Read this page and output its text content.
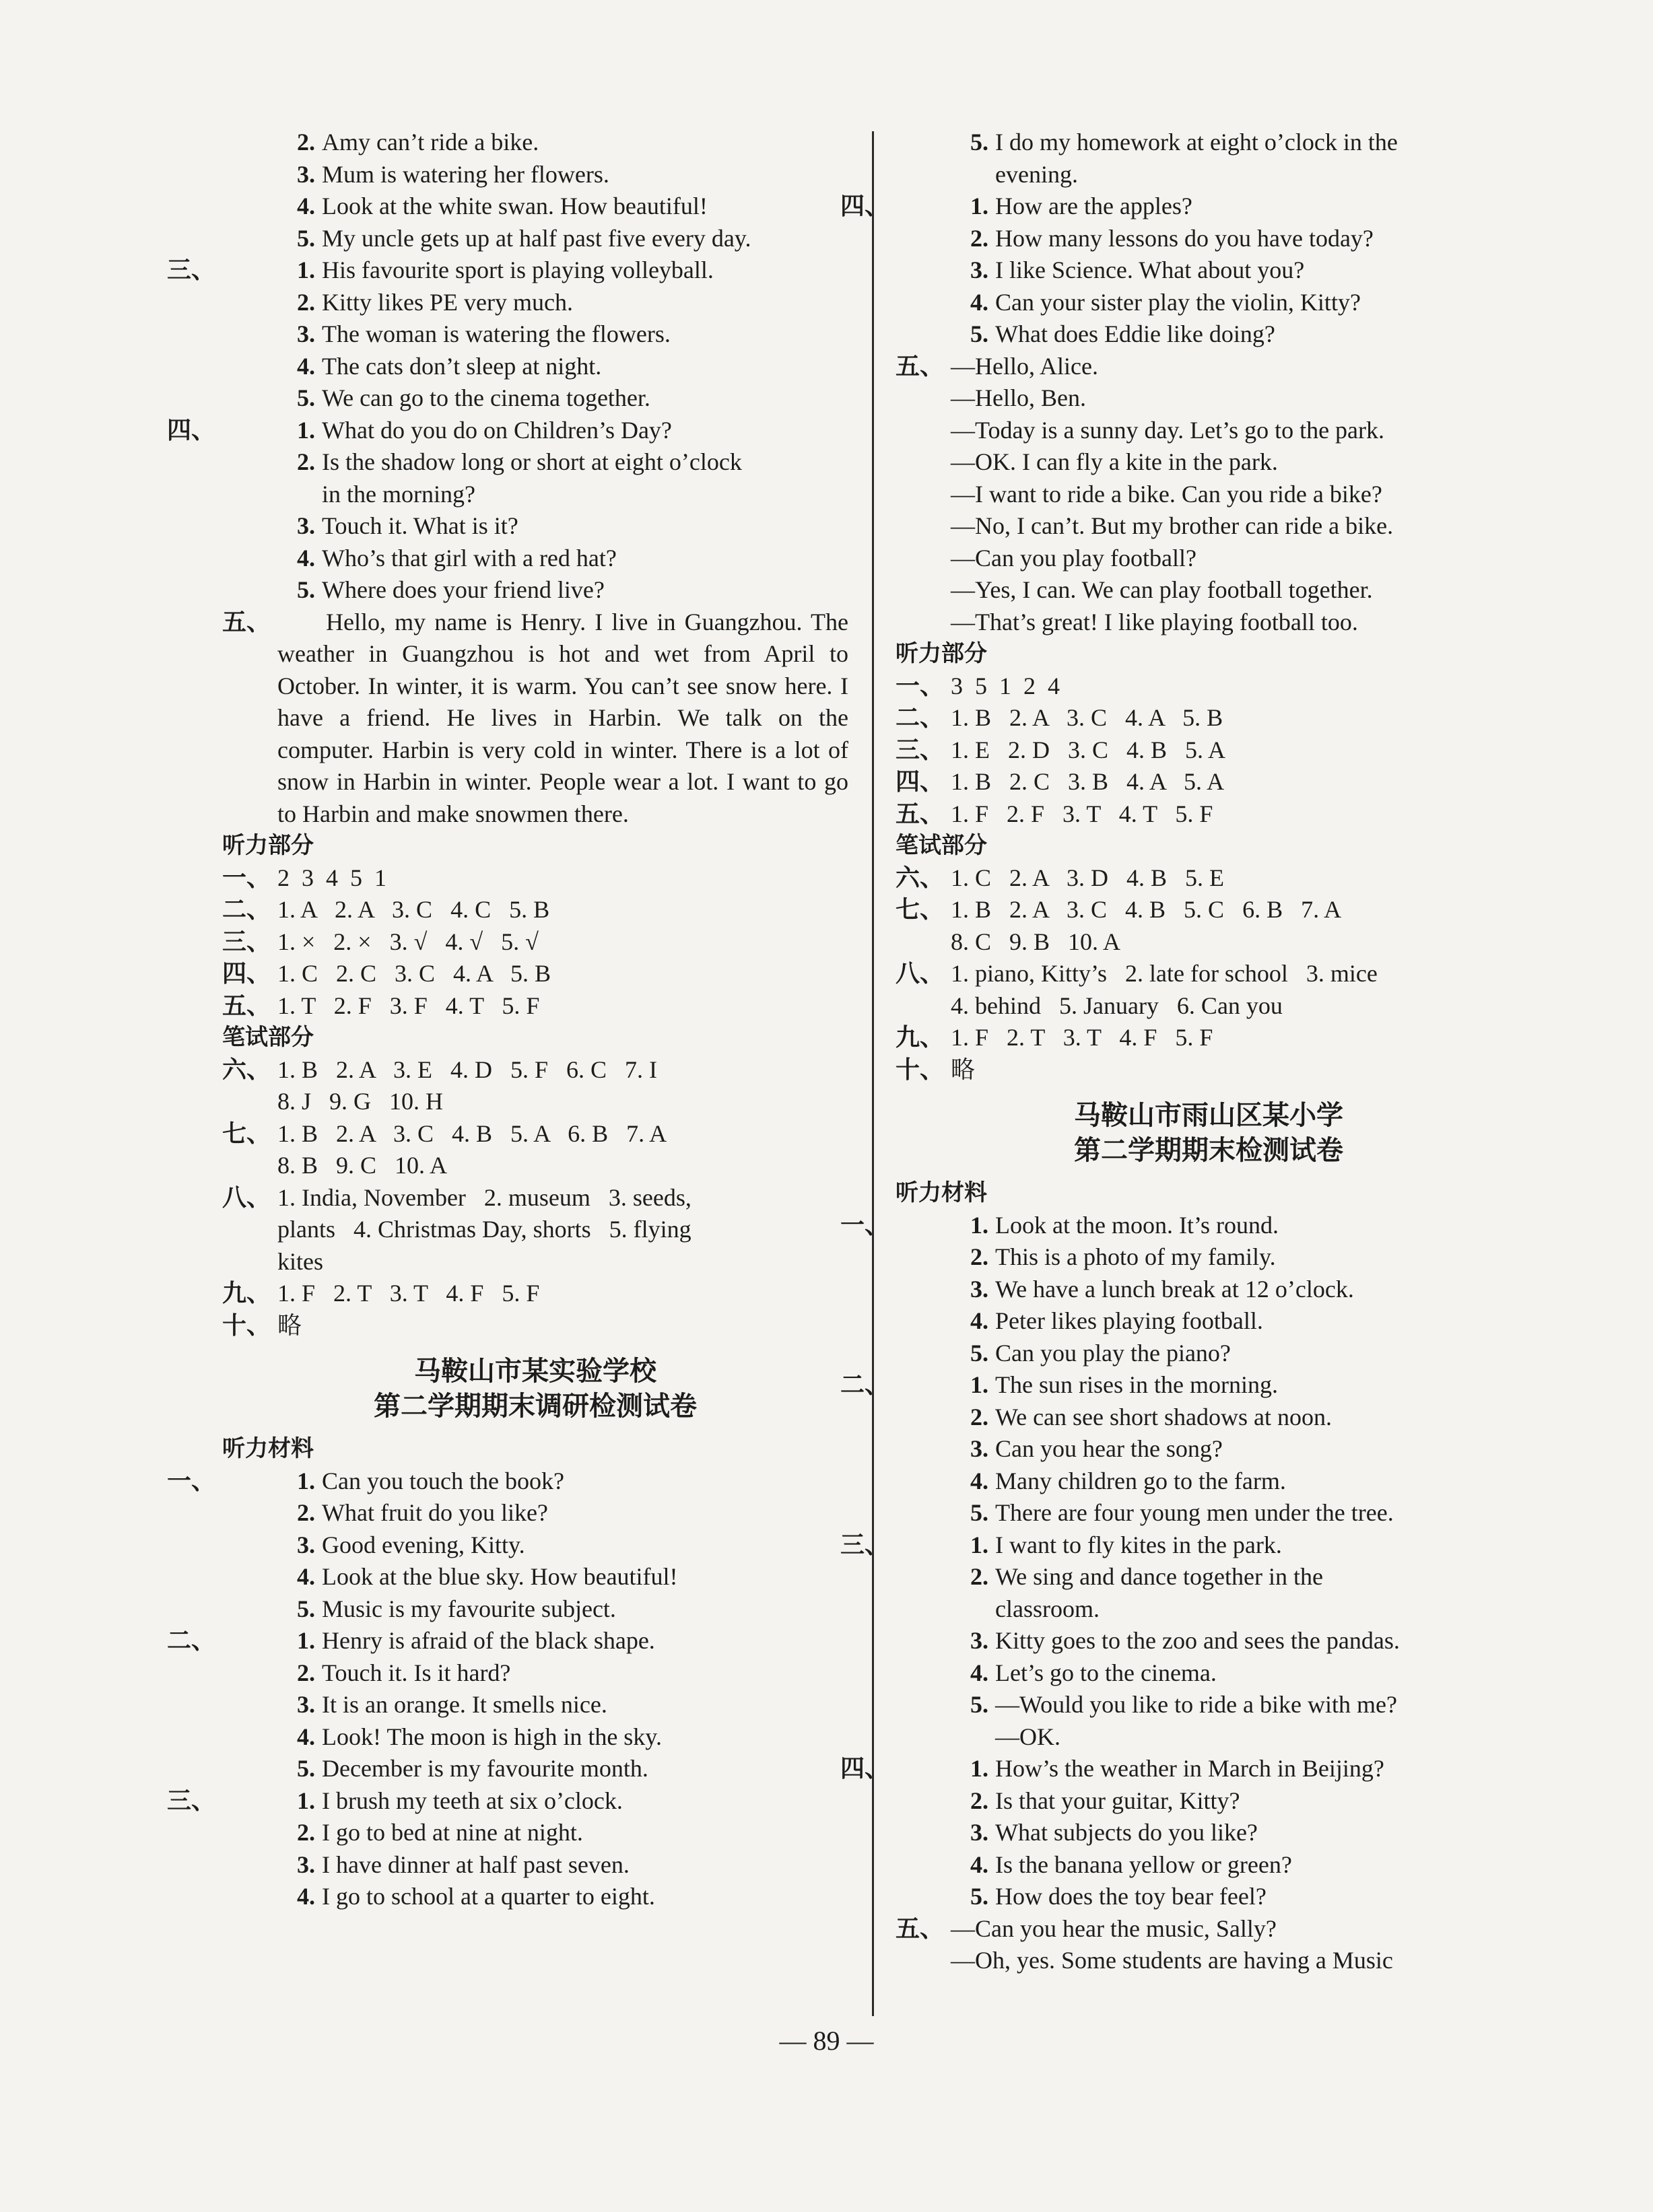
2. Amy can’t ride a bike.
3. Mum is watering her flowers.
4. Look at the white swan. How beautiful!
5. My uncle gets up at half past five every day.
三、	1. His favourite sport is playing volleyball.
2. Kitty likes PE very much.
3. The woman is watering the flowers.
4. The cats don’t sleep at night.
5. We can go to the cinema together.
四、	1. What do you do on Children’s Day?
2. Is the shadow long or short at eight o’clock
in the morning?
3. Touch it. What is it?
4. Who’s that girl with a red hat?
5. Where does your friend live?
五、	Hello, my name is Henry. I live in Guangzhou. The weather in Guangzhou is hot and wet from April to October. In winter, it is warm. You can’t see snow here. I have a friend. He lives in Harbin. We talk on the computer. Harbin is very cold in winter. There is a lot of snow in Harbin in winter. People wear a lot. I want to go to Harbin and make snowmen there.
听力部分
一、 2  3  4  5  1
二、 1. A   2. A   3. C   4. C   5. B
三、 1. ×   2. ×   3. √   4. √   5. √
四、 1. C   2. C   3. C   4. A   5. B
五、 1. T   2. F   3. F   4. T   5. F
笔试部分
六、 1. B   2. A   3. E   4. D   5. F   6. C   7. I
8. J   9. G   10. H
七、 1. B   2. A   3. C   4. B   5. A   6. B   7. A
8. B   9. C   10. A
八、 1. India, November   2. museum   3. seeds,
plants   4. Christmas Day, shorts   5. flying
kites
九、 1. F   2. T   3. T   4. F   5. F
十、 略
马鞍山市某实验学校
第二学期期末调研检测试卷
听力材料
一、	1. Can you touch the book?
2. What fruit do you like?
3. Good evening, Kitty.
4. Look at the blue sky. How beautiful!
5. Music is my favourite subject.
二、	1. Henry is afraid of the black shape.
2. Touch it. Is it hard?
3. It is an orange. It smells nice.
4. Look! The moon is high in the sky.
5. December is my favourite month.
三、	1. I brush my teeth at six o’clock.
2. I go to bed at nine at night.
3. I have dinner at half past seven.
4. I go to school at a quarter to eight.
5. I do my homework at eight o’clock in the
evening.
四、	1. How are the apples?
2. How many lessons do you have today?
3. I like Science. What about you?
4. Can your sister play the violin, Kitty?
5. What does Eddie like doing?
五、 —Hello, Alice.
—Hello, Ben.
—Today is a sunny day. Let’s go to the park.
—OK. I can fly a kite in the park.
—I want to ride a bike. Can you ride a bike?
—No, I can’t. But my brother can ride a bike.
—Can you play football?
—Yes, I can. We can play football together.
—That’s great! I like playing football too.
听力部分
一、 3  5  1  2  4
二、 1. B   2. A   3. C   4. A   5. B
三、 1. E   2. D   3. C   4. B   5. A
四、 1. B   2. C   3. B   4. A   5. A
五、 1. F   2. F   3. T   4. T   5. F
笔试部分
六、 1. C   2. A   3. D   4. B   5. E
七、 1. B   2. A   3. C   4. B   5. C   6. B   7. A
8. C   9. B   10. A
八、 1. piano, Kitty’s   2. late for school   3. mice
4. behind   5. January   6. Can you
九、 1. F   2. T   3. T   4. F   5. F
十、 略
马鞍山市雨山区某小学
第二学期期末检测试卷
听力材料
一、	1. Look at the moon. It’s round.
2. This is a photo of my family.
3. We have a lunch break at 12 o’clock.
4. Peter likes playing football.
5. Can you play the piano?
二、	1. The sun rises in the morning.
2. We can see short shadows at noon.
3. Can you hear the song?
4. Many children go to the farm.
5. There are four young men under the tree.
三、	1. I want to fly kites in the park.
2. We sing and dance together in the
classroom.
3. Kitty goes to the zoo and sees the pandas.
4. Let’s go to the cinema.
5. —Would you like to ride a bike with me?
—OK.
四、	1. How’s the weather in March in Beijing?
2. Is that your guitar, Kitty?
3. What subjects do you like?
4. Is the banana yellow or green?
5. How does the toy bear feel?
五、 —Can you hear the music, Sally?
—Oh, yes. Some students are having a Music
— 89 —
